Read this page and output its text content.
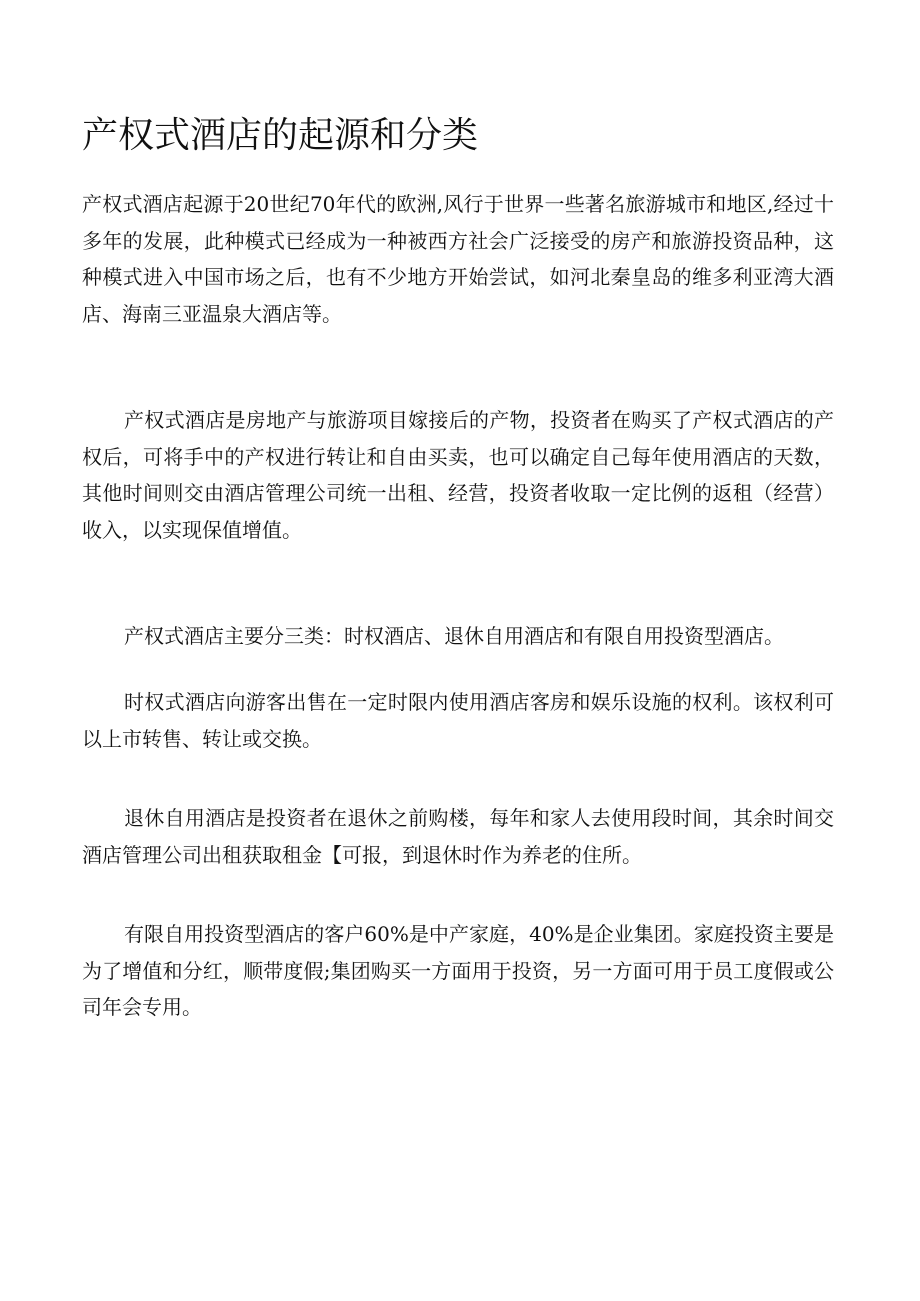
产权式酒店的起源和分类

产权式酒店起源于20世纪70年代的欧洲,风行于世界一些著名旅游城市和地区,经过十多年的发展，此种模式已经成为一种被西方社会广泛接受的房产和旅游投资品种，这种模式进入中国市场之后，也有不少地方开始尝试，如河北秦皇岛的维多利亚湾大酒店、海南三亚温泉大酒店等。

产权式酒店是房地产与旅游项目嫁接后的产物，投资者在购买了产权式酒店的产权后，可将手中的产权进行转让和自由买卖，也可以确定自己每年使用酒店的天数，其他时间则交由酒店管理公司统一出租、经营，投资者收取一定比例的返租（经营）收入，以实现保值增值。

产权式酒店主要分三类：时权酒店、退休自用酒店和有限自用投资型酒店。

时权式酒店向游客出售在一定时限内使用酒店客房和娱乐设施的权利。该权利可以上市转售、转让或交换。

退休自用酒店是投资者在退休之前购楼，每年和家人去使用段时间，其余时间交酒店管理公司出租获取租金【可报，到退休时作为养老的住所。

有限自用投资型酒店的客户60%是中产家庭，40%是企业集团。家庭投资主要是为了增值和分红，顺带度假;集团购买一方面用于投资，另一方面可用于员工度假或公司年会专用。
